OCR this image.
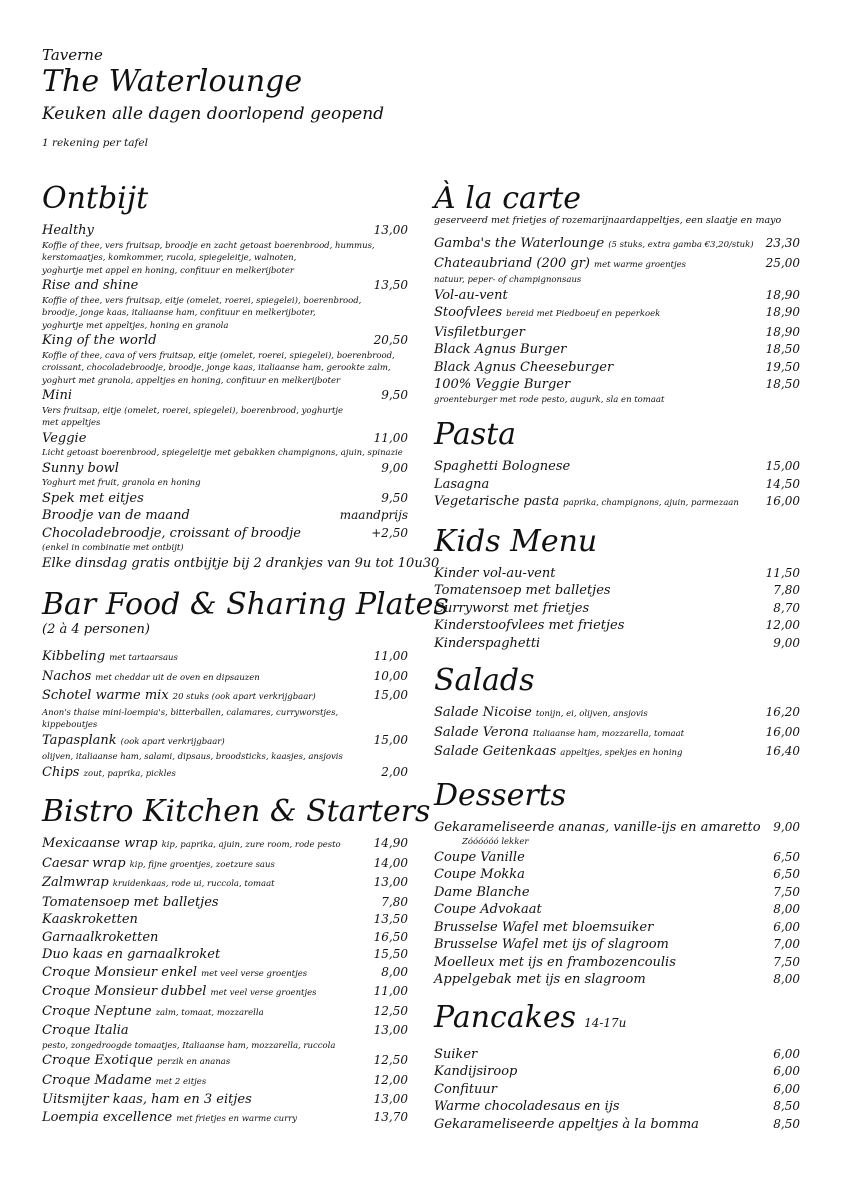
Taverne
The Waterlounge
Keuken alle dagen doorlopend geopend
1 rekening per tafel
Ontbijt
Healthy	13,00
Koffie of thee, vers fruitsap, broodje en zacht getoast boerenbrood, hummus,
kerstomaatjes, komkommer, rucola, spiegeleitje, walnoten,
yoghurtje met appel en honing, confituur en melkerijboter
Rise and shine	13,50
Koffie of thee, vers fruitsap, eitje (omelet, roerei, spiegelei), boerenbrood,
broodje, jonge kaas, italiaanse ham, confituur en melkerijboter,
yoghurtje met appeltjes, honing en granola
King of the world	20,50
Koffie of thee, cava of vers fruitsap, eitje (omelet, roerei, spiegelei), boerenbrood,
croissant, chocoladebroodje, broodje, jonge kaas, italiaanse ham, gerookte zalm,
yoghurt met granola, appeltjes en honing, confituur en melkerijboter
Mini	9,50
Vers fruitsap, eitje (omelet, roerei, spiegelei), boerenbrood, yoghurtje
met appeltjes
Veggie	11,00
Licht getoast boerenbrood, spiegeleitje met gebakken champignons, ajuin, spinazie
Sunny bowl	9,00
Yoghurt met fruit, granola en honing
Spek met eitjes	9,50
Broodje van de maand	maandprijs
Chocoladebroodje, croissant of broodje	+2,50
(enkel in combinatie met ontbijt)
Elke dinsdag gratis ontbijtje bij 2 drankjes van 9u tot 10u30
Bar Food & Sharing Plates
(2 à 4 personen)
Kibbeling met tartaarsaus	11,00
Nachos met cheddar uit de oven en dipsauzen	10,00
Schotel warme mix 20 stuks (ook apart verkrijgbaar)	15,00
Anon's thaise mini-loempia's, bitterballen, calamares, curryworstjes,
kippeboutjes
Tapasplank (ook apart verkrijgbaar)	15,00
olijven, italiaanse ham, salami, dipsaus, broodsticks, kaasjes, ansjovis
Chips zout, paprika, pickles	2,00
Bistro Kitchen & Starters
Mexicaanse wrap kip, paprika, ajuin, zure room, rode pesto	14,90
Caesar wrap kip, fijne groentjes, zoetzure saus	14,00
Zalmwrap kruidenkaas, rode ui, ruccola, tomaat	13,00
Tomatensoep met balletjes	7,80
Kaaskroketten	13,50
Garnaalkroketten	16,50
Duo kaas en garnaalkroket	15,50
Croque Monsieur enkel met veel verse groentjes	8,00
Croque Monsieur dubbel met veel verse groentjes	11,00
Croque Neptune zalm, tomaat, mozzarella	12,50
Croque Italia	13,00
pesto, zongedroogde tomaatjes, Italiaanse ham, mozzarella, ruccola
Croque Exotique perzik en ananas	12,50
Croque Madame met 2 eitjes	12,00
Uitsmijter kaas, ham en 3 eitjes	13,00
Loempia excellence met frietjes en warme curry	13,70
À la carte
geserveerd met frietjes of rozemarijnaardappeltjes, een slaatje en mayo
Gamba's the Waterlounge (5 stuks, extra gamba €3,20/stuk) 23,30
Chateaubriand (200 gr) met warme groentjes	25,00
natuur, peper- of champignonsaus
Vol-au-vent	18,90
Stoofvlees bereid met Piedboeuf en peperkoek	18,90
Visfiletburger	18,90
Black Agnus Burger	18,50
Black Agnus Cheeseburger	19,50
100% Veggie Burger	18,50
groenteburger met rode pesto, augurk, sla en tomaat
Pasta
Spaghetti Bolognese	15,00
Lasagna	14,50
Vegetarische pasta paprika, champignons, ajuin, parmezaan 16,00
Kids Menu
Kinder vol-au-vent	11,50
Tomatensoep met balletjes	7,80
Curryworst met frietjes	8,70
Kinderstoofvlees met frietjes	12,00
Kinderspaghetti	9,00
Salads
Salade Nicoise tonijn, ei, olijven, ansjovis	16,20
Salade Verona Italiaanse ham, mozzarella, tomaat	16,00
Salade Geitenkaas appeltjes, spekjes en honing	16,40
Desserts
Gekarameliseerde ananas, vanille-ijs en amaretto 9,00
Zóóóóóó lekker
Coupe Vanille	6,50
Coupe Mokka	6,50
Dame Blanche	7,50
Coupe Advokaat	8,00
Brusselse Wafel met bloemsuiker	6,00
Brusselse Wafel met ijs of slagroom	7,00
Moelleux met ijs en frambozencoulis	7,50
Appelgebak met ijs en slagroom	8,00
Pancakes 14-17u
Suiker	6,00
Kandijsiroop	6,00
Confituur	6,00
Warme chocoladesaus en ijs	8,50
Gekarameliseerde appeltjes à la bomma	8,50
